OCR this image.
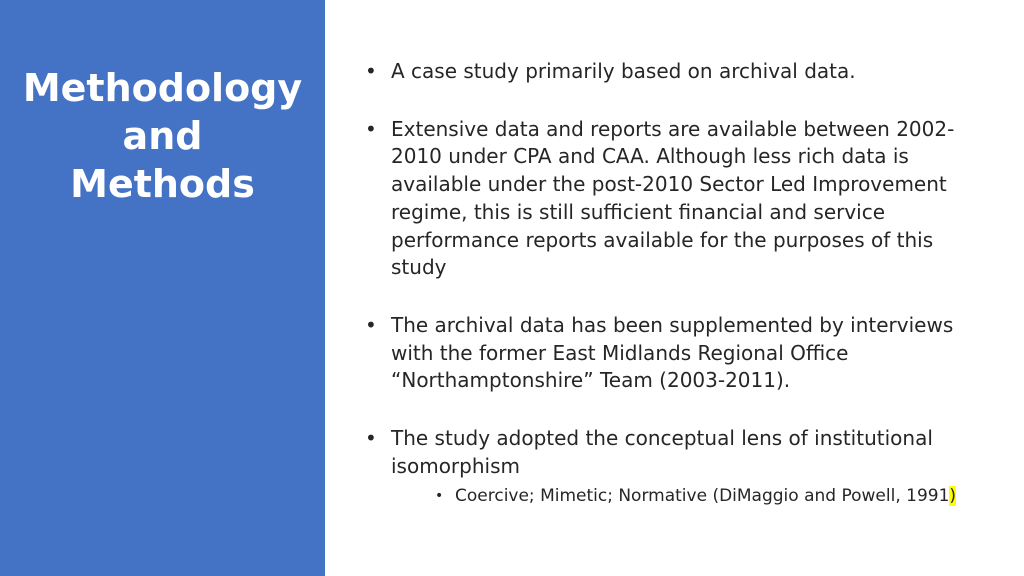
Methodology
and
Methods
• A case study primarily based on archival data.
• Extensive data and reports are available between 2002-2010 under CPA and CAA. Although less rich data is available under the post-2010 Sector Led Improvement regime, this is still sufficient financial and service performance reports available for the purposes of this study
• The archival data has been supplemented by interviews with the former East Midlands Regional Office “Northamptonshire” Team (2003-2011).
• The study adopted the conceptual lens of institutional isomorphism
• Coercive; Mimetic; Normative (DiMaggio and Powell, 1991)
